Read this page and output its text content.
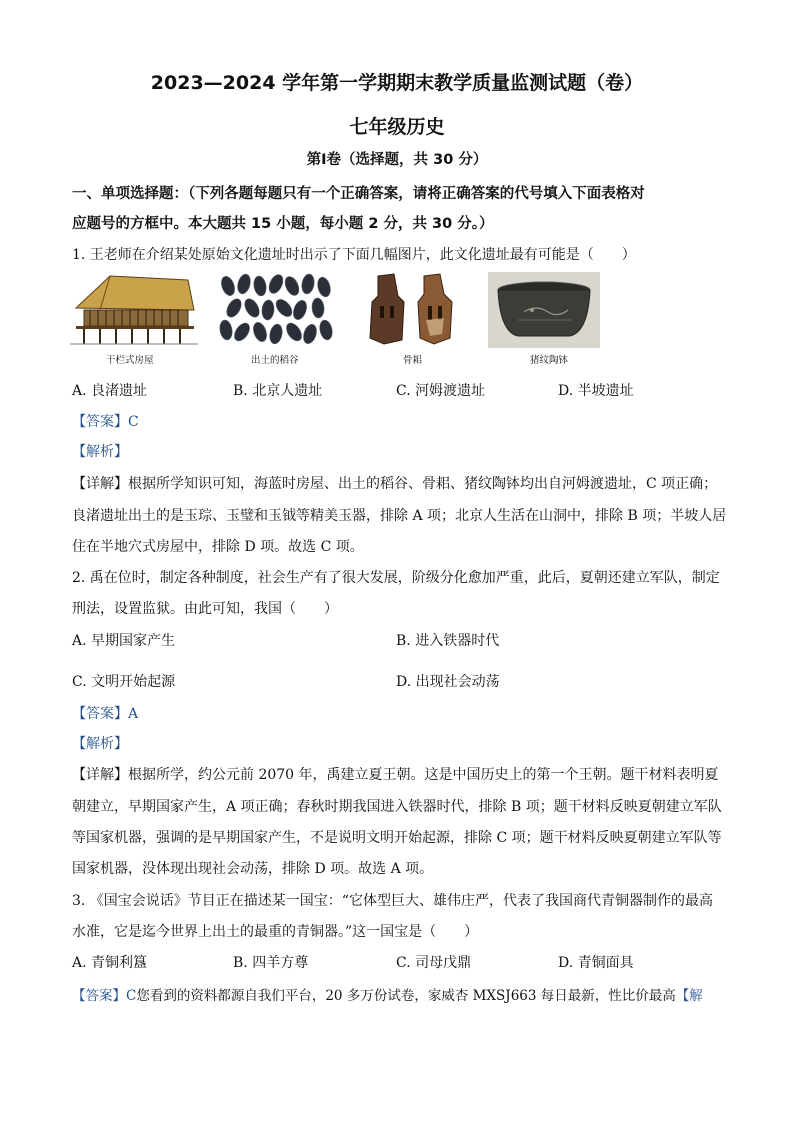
2023—2024 学年第一学期期末教学质量监测试题（卷）
七年级历史
第Ⅰ卷（选择题，共 30 分）
一、单项选择题：（下列各题每题只有一个正确答案，请将正确答案的代号填入下面表格对
应题号的方框中。本大题共 15 小题，每小题 2 分，共 30 分。）
1. 王老师在介绍某处原始文化遗址时出示了下面几幅图片，此文化遗址最有可能是（　　）
干栏式房屋	出土的稻谷	骨耜	猪纹陶钵
A. 良渚遗址	B. 北京人遗址	C. 河姆渡遗址	D. 半坡遗址
【答案】C
【解析】
【详解】根据所学知识可知，海蓝时房屋、出土的稻谷、骨耜、猪纹陶钵均出自河姆渡遗址，C 项正确；
良渚遗址出土的是玉琮、玉璧和玉钺等精美玉器，排除 A 项；北京人生活在山洞中，排除 B 项；半坡人居
住在半地穴式房屋中，排除 D 项。故选 C 项。
2. 禹在位时，制定各种制度，社会生产有了很大发展，阶级分化愈加严重，此后，夏朝还建立军队，制定
刑法，设置监狱。由此可知，我国（　　）
A. 早期国家产生	B. 进入铁器时代
C. 文明开始起源	D. 出现社会动荡
【答案】A
【解析】
【详解】根据所学，约公元前 2070 年，禹建立夏王朝。这是中国历史上的第一个王朝。题干材料表明夏
朝建立，早期国家产生，A 项正确；春秋时期我国进入铁器时代，排除 B 项；题干材料反映夏朝建立军队
等国家机器，强调的是早期国家产生，不是说明文明开始起源，排除 C 项；题干材料反映夏朝建立军队等
国家机器，没体现出现社会动荡，排除 D 项。故选 A 项。
3. 《国宝会说话》节目正在描述某一国宝：“它体型巨大、雄伟庄严，代表了我国商代青铜器制作的最高
水准，它是迄今世界上出土的最重的青铜器。”这一国宝是（　　）
A. 青铜利簋	B. 四羊方尊	C. 司母戊鼎	D. 青铜面具
【答案】C您看到的资料都源自我们平台，20 多万份试卷，家威杏 MXSJ663 每日最新，性比价最高【解
